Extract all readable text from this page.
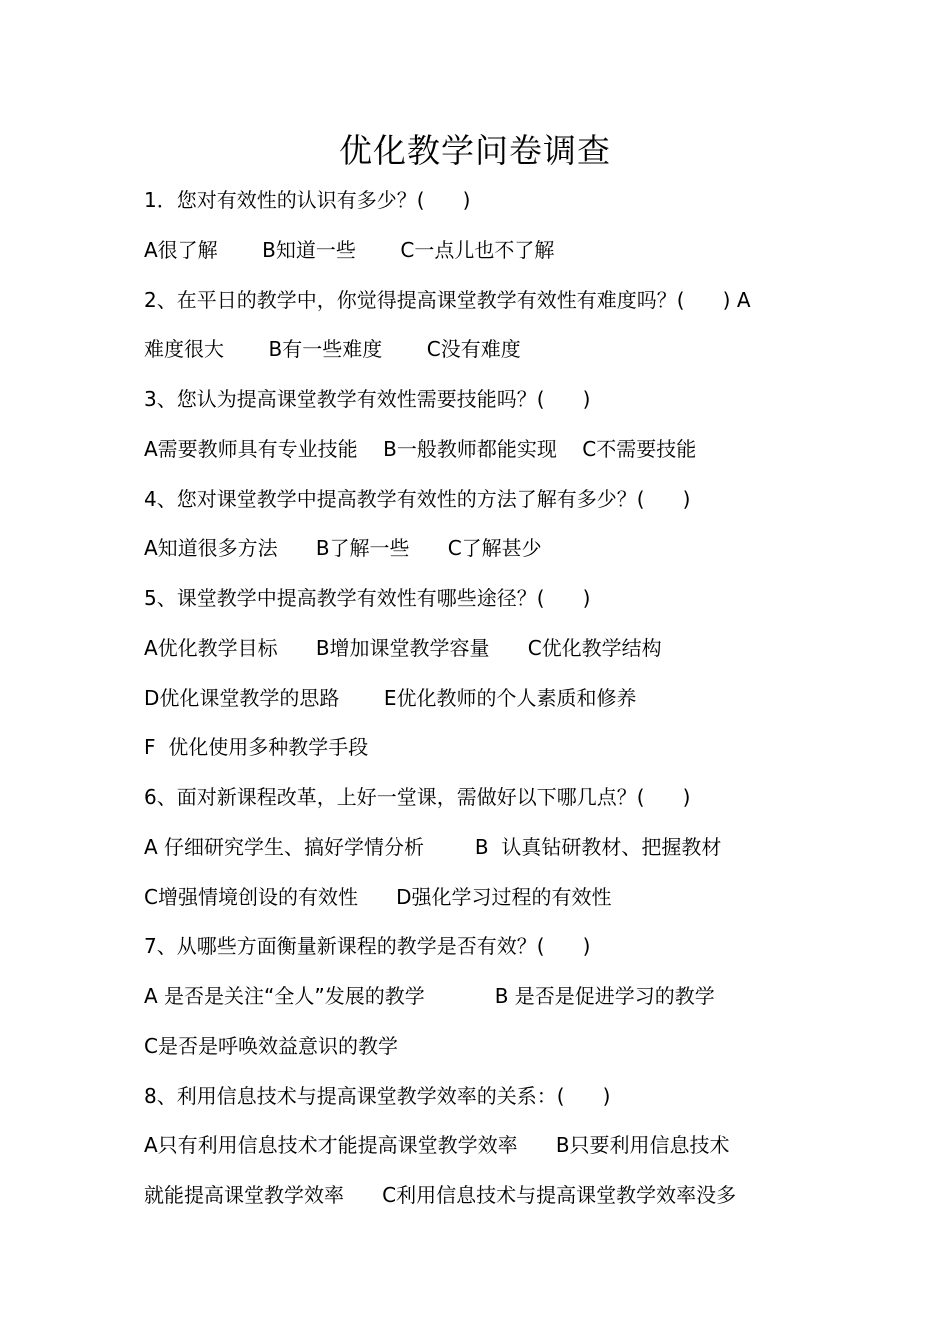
优化教学问卷调查
1．您对有效性的认识有多少？(      )
A很了解       B知道一些       C一点儿也不了解
2、在平日的教学中，你觉得提高课堂教学有效性有难度吗？(      ) A
难度很大       B有一些难度       C没有难度
3、您认为提高课堂教学有效性需要技能吗？(      )
A需要教师具有专业技能    B一般教师都能实现    C不需要技能
4、您对课堂教学中提高教学有效性的方法了解有多少？(      )
A知道很多方法      B了解一些      C了解甚少
5、课堂教学中提高教学有效性有哪些途径？(      )
A优化教学目标      B增加课堂教学容量      C优化教学结构
D优化课堂教学的思路       E优化教师的个人素质和修养
F  优化使用多种教学手段
6、面对新课程改革，上好一堂课，需做好以下哪几点？(      )
A 仔细研究学生、搞好学情分析        B  认真钻研教材、把握教材
C增强情境创设的有效性      D强化学习过程的有效性
7、从哪些方面衡量新课程的教学是否有效？(      )
A 是否是关注“全人”发展的教学           B 是否是促进学习的教学
C是否是呼唤效益意识的教学
8、利用信息技术与提高课堂教学效率的关系：(      )
A只有利用信息技术才能提高课堂教学效率      B只要利用信息技术
就能提高课堂教学效率      C利用信息技术与提高课堂教学效率没多
